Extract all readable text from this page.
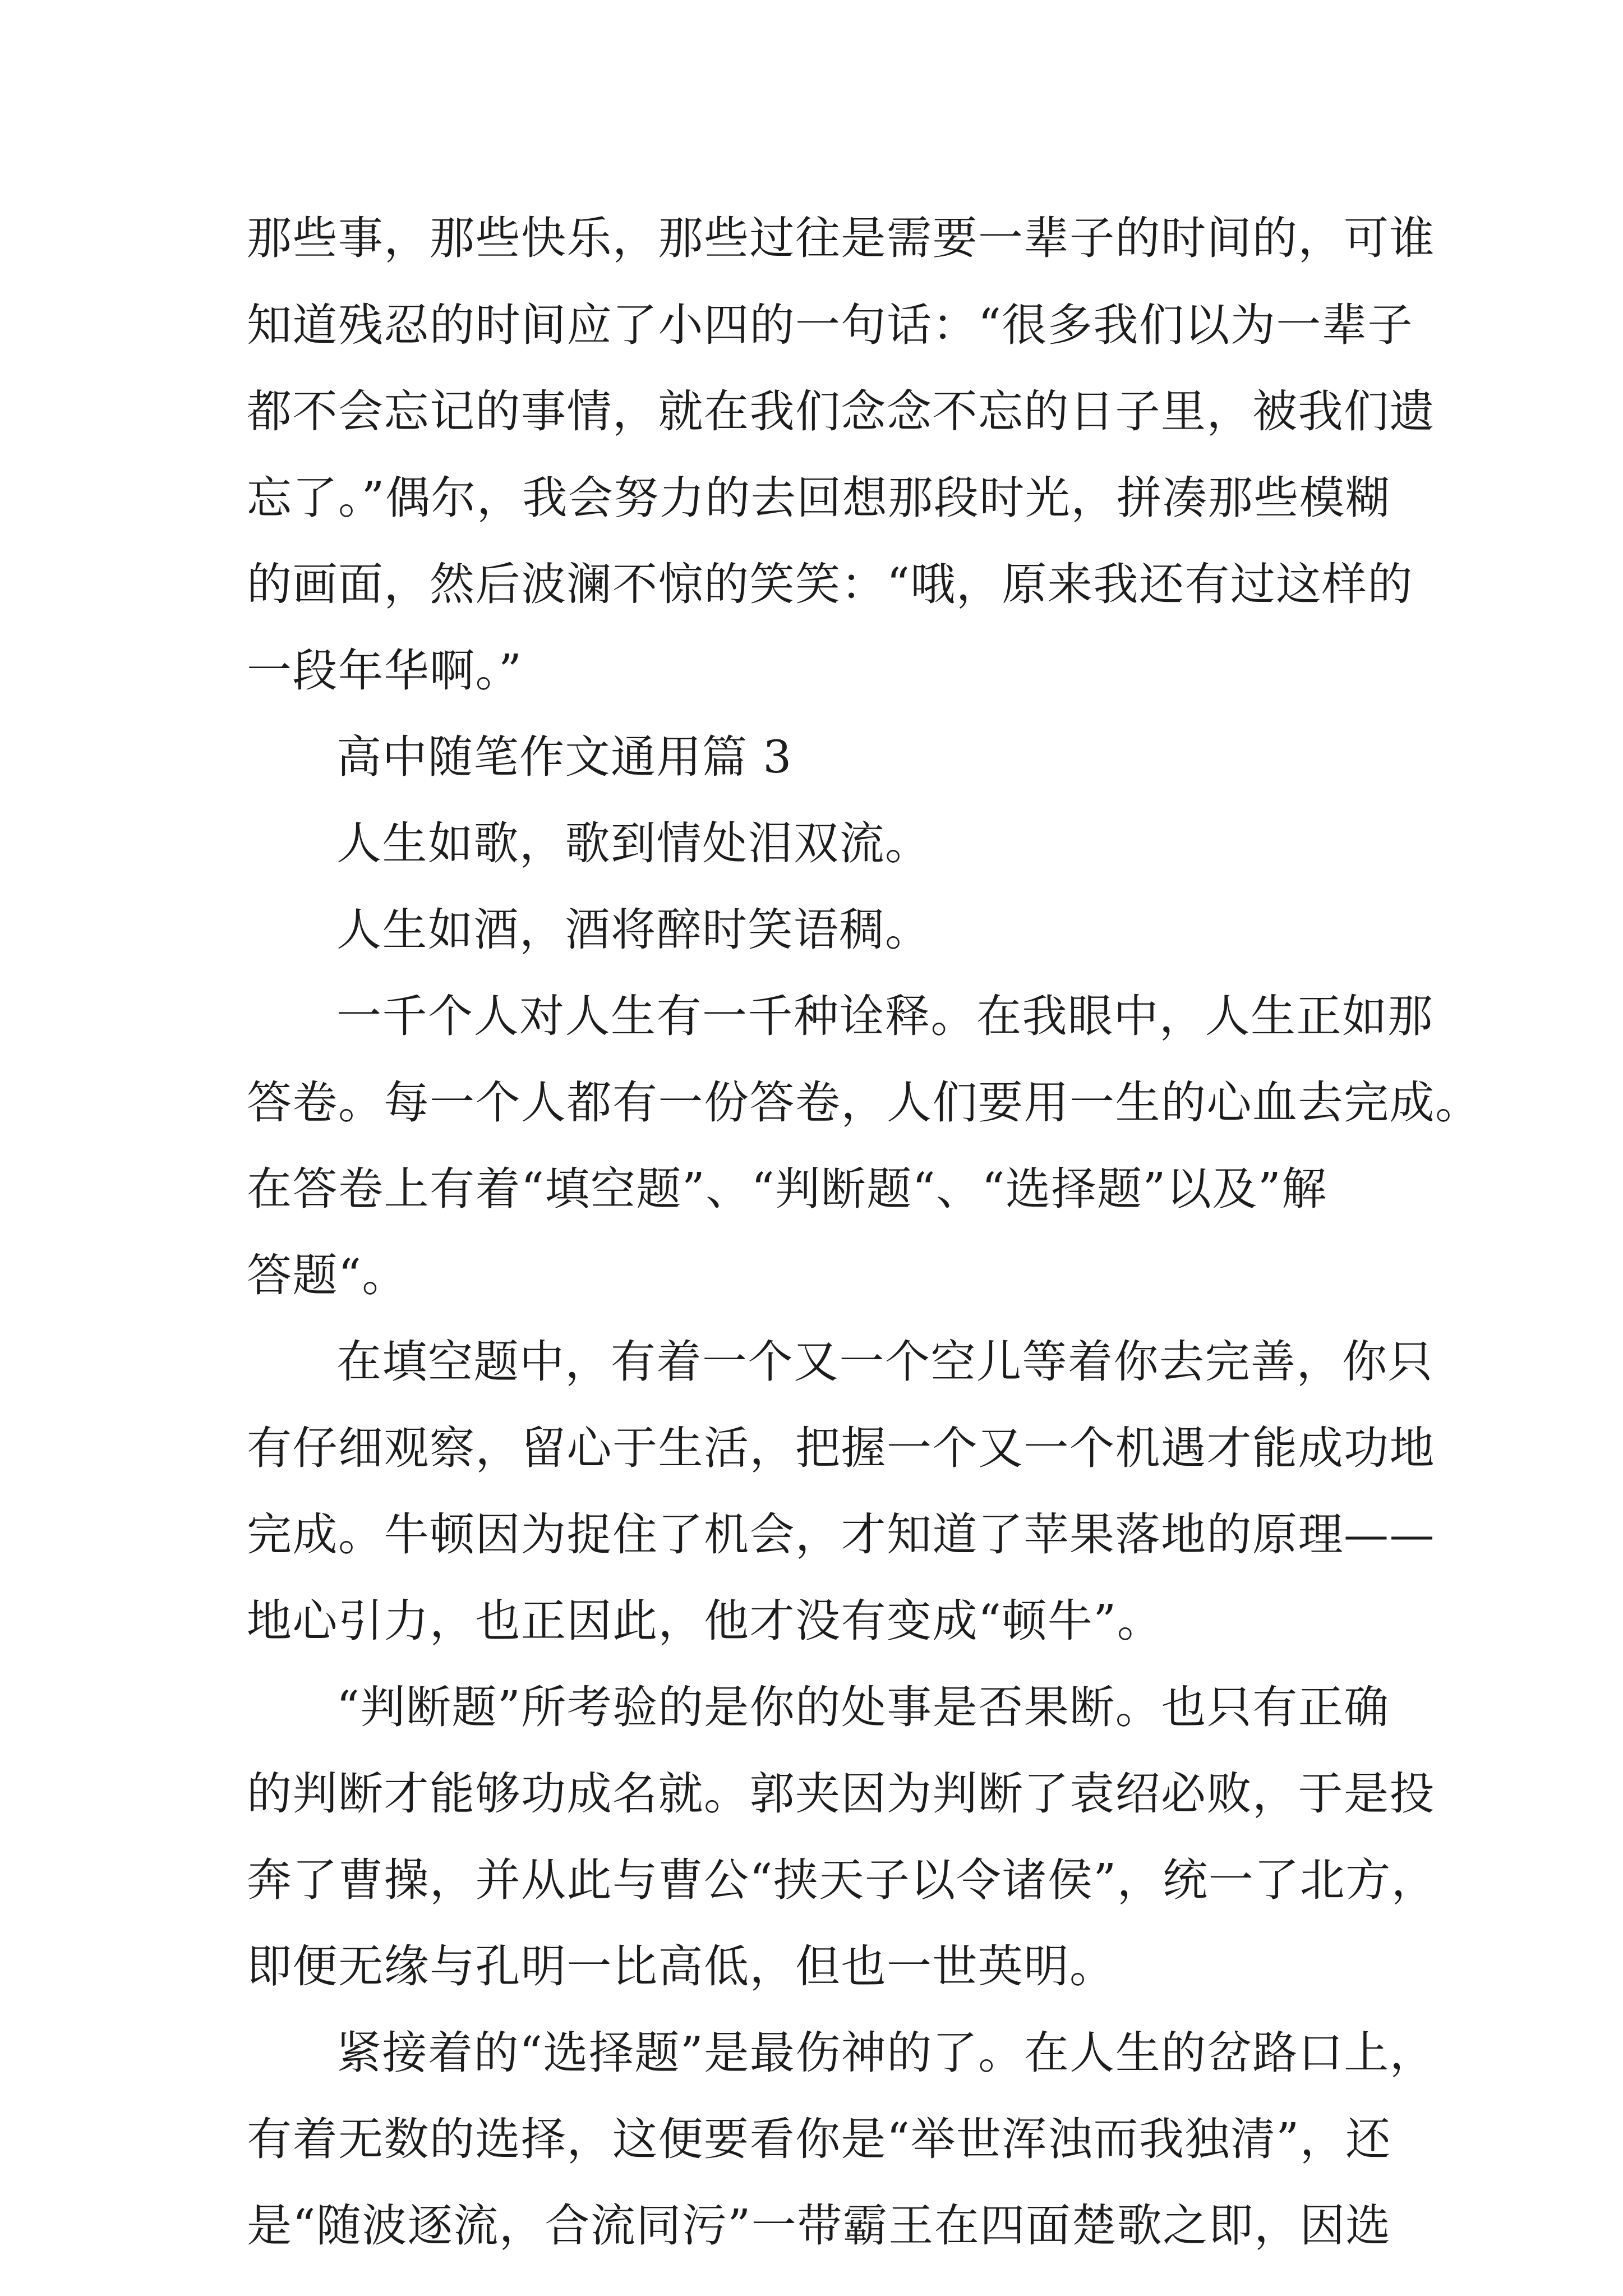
那些事，那些快乐，那些过往是需要一辈子的时间的，可谁

知道残忍的时间应了小四的一句话：“很多我们以为一辈子

都不会忘记的事情，就在我们念念不忘的日子里，被我们遗

忘了。”偶尔，我会努力的去回想那段时光，拼凑那些模糊

的画面，然后波澜不惊的笑笑：“哦，原来我还有过这样的

一段年华啊。”

高中随笔作文通用篇 3

人生如歌，歌到情处泪双流。

人生如酒，酒将醉时笑语稠。

一千个人对人生有一千种诠释。在我眼中，人生正如那

答卷。每一个人都有一份答卷，人们要用一生的心血去完成。

在答卷上有着“填空题”、“判断题“、“选择题”以及”解

答题“。

在填空题中，有着一个又一个空儿等着你去完善，你只

有仔细观察，留心于生活，把握一个又一个机遇才能成功地

完成。牛顿因为捉住了机会，才知道了苹果落地的原理——

地心引力，也正因此，他才没有变成“顿牛”。

“判断题”所考验的是你的处事是否果断。也只有正确

的判断才能够功成名就。郭夹因为判断了袁绍必败，于是投

奔了曹操，并从此与曹公“挟天子以令诸侯”，统一了北方，

即便无缘与孔明一比高低，但也一世英明。

紧接着的“选择题”是最伤神的了。在人生的岔路口上，

有着无数的选择，这便要看你是“举世浑浊而我独清”，还

是“随波逐流，合流同污”一带霸王在四面楚歌之即，因选
